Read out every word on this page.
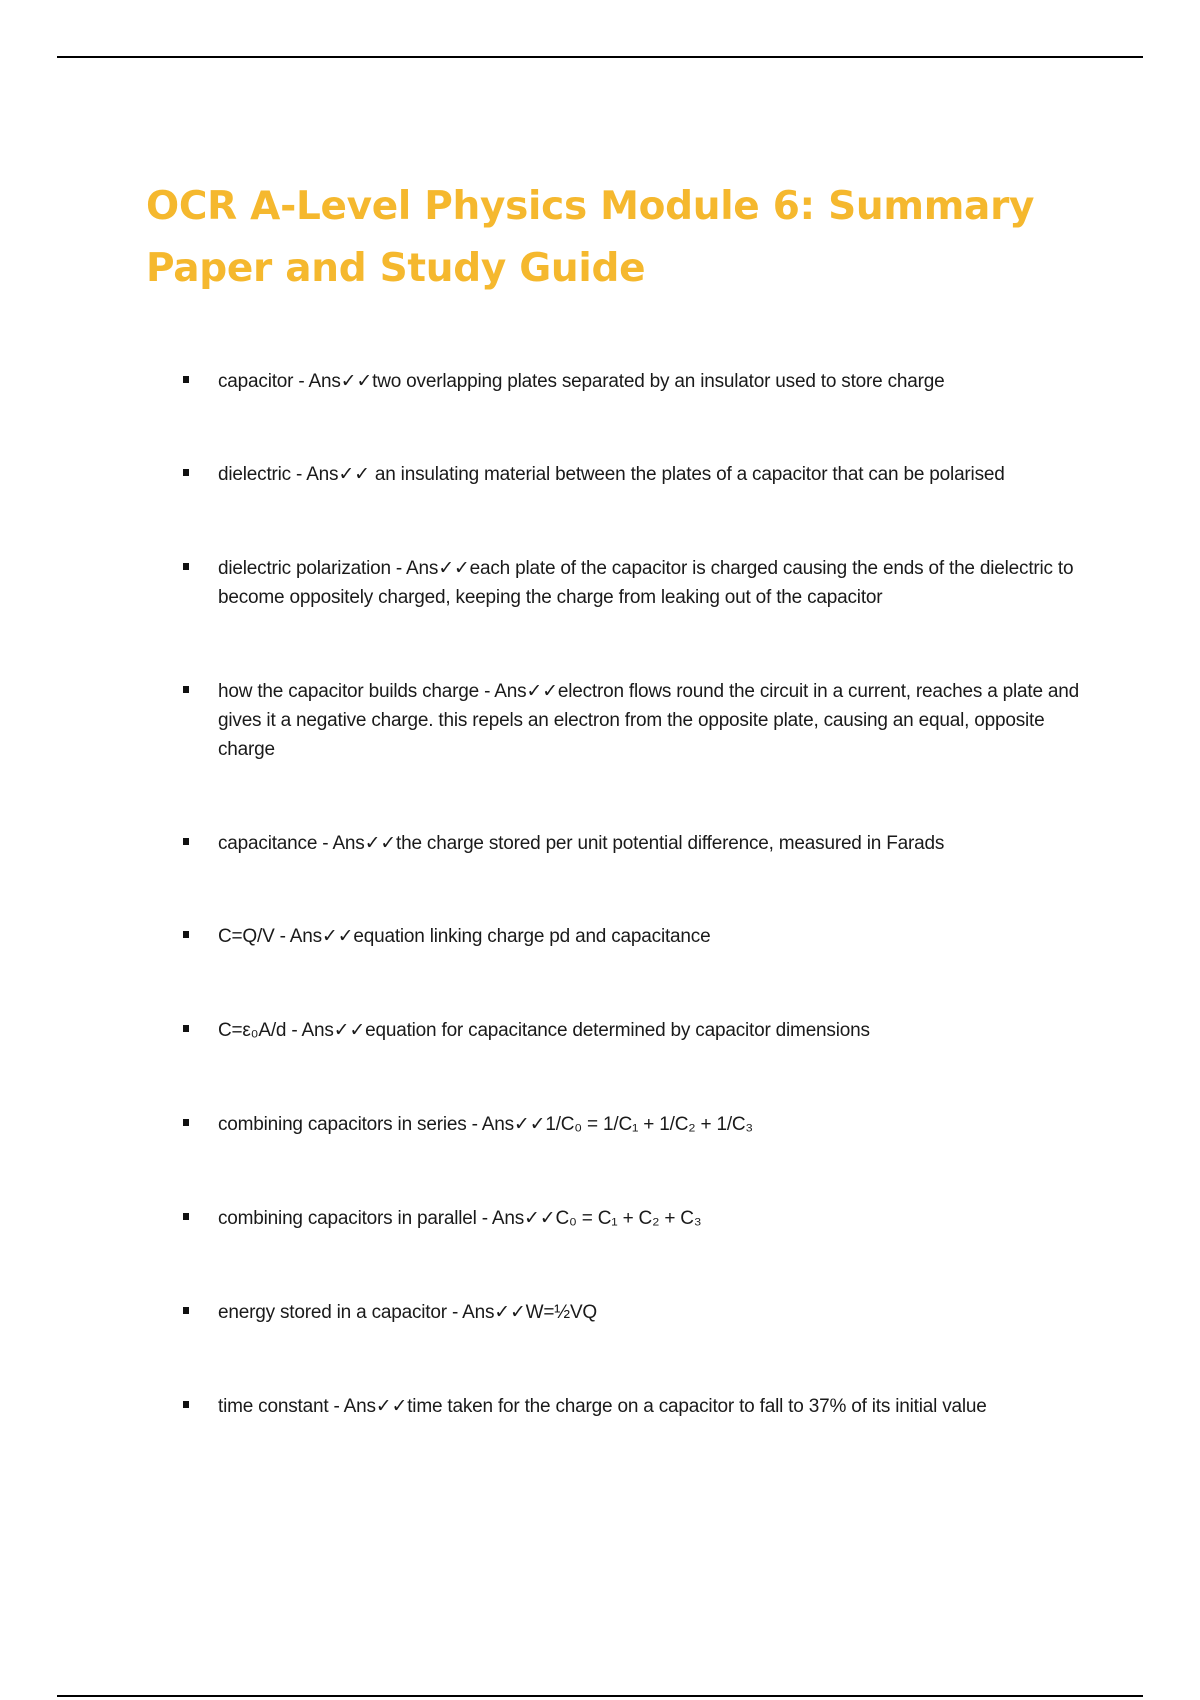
OCR A-Level Physics Module 6: Summary Paper and Study Guide
capacitor - Ans✓✓two overlapping plates separated by an insulator used to store charge
dielectric - Ans✓✓ an insulating material between the plates of a capacitor that can be polarised
dielectric polarization - Ans✓✓each plate of the capacitor is charged causing the ends of the dielectric to become oppositely charged, keeping the charge from leaking out of the capacitor
how the capacitor builds charge - Ans✓✓electron flows round the circuit in a current, reaches a plate and gives it a negative charge. this repels an electron from the opposite plate, causing an equal, opposite charge
capacitance - Ans✓✓the charge stored per unit potential difference, measured in Farads
C=Q/V - Ans✓✓equation linking charge pd and capacitance
C=ε₀A/d - Ans✓✓equation for capacitance determined by capacitor dimensions
combining capacitors in series - Ans✓✓1/C₀ = 1/C₁ + 1/C₂ + 1/C₃
combining capacitors in parallel - Ans✓✓C₀ = C₁ + C₂ + C₃
energy stored in a capacitor - Ans✓✓W=½VQ
time constant - Ans✓✓time taken for the charge on a capacitor to fall to 37% of its initial value
